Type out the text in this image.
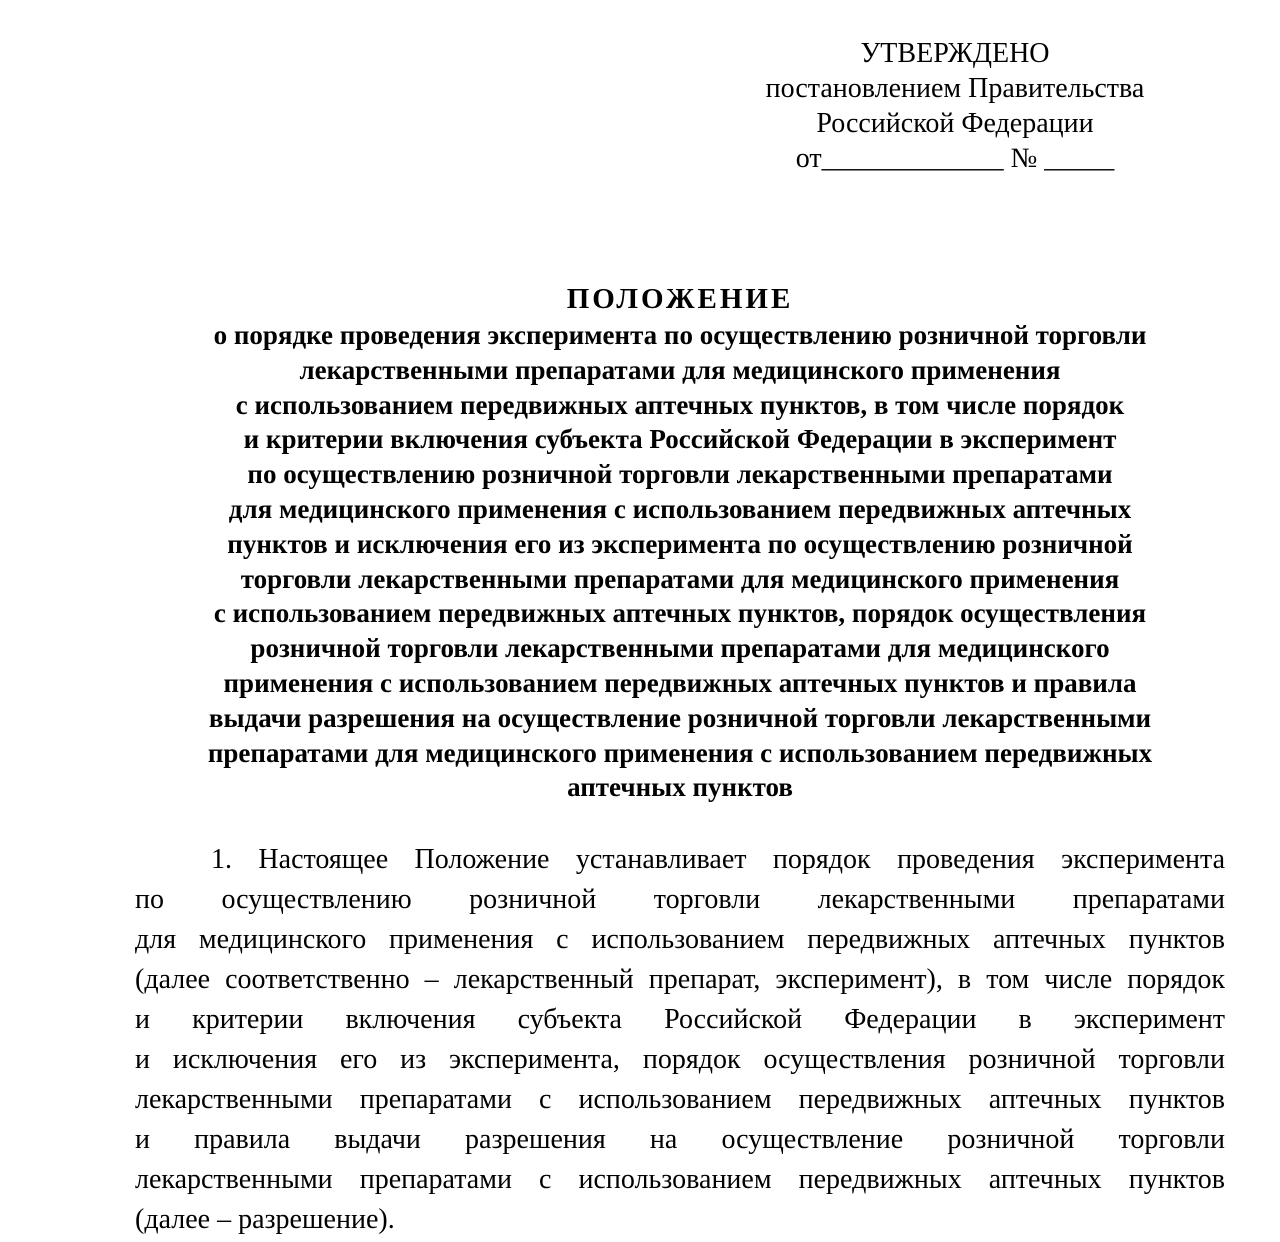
УТВЕРЖДЕНО
постановлением Правительства
Российской Федерации
от_____________ № _____
ПОЛОЖЕНИЕ

о порядке проведения эксперимента по осуществлению розничной торговли
лекарственными препаратами для медицинского применения
с использованием передвижных аптечных пунктов, в том числе порядок
и критерии включения субъекта Российской Федерации в эксперимент
по осуществлению розничной торговли лекарственными препаратами
для медицинского применения с использованием передвижных аптечных
пунктов и исключения его из эксперимента по осуществлению розничной
торговли лекарственными препаратами для медицинского применения
с использованием передвижных аптечных пунктов, порядок осуществления
розничной торговли лекарственными препаратами для медицинского
применения с использованием передвижных аптечных пунктов и правила
выдачи разрешения на осуществление розничной торговли лекарственными
препаратами для медицинского применения с использованием передвижных
аптечных пунктов

1. Настоящее Положение устанавливает порядок проведения эксперимента
по осуществлению розничной торговли лекарственными препаратами
для медицинского применения с использованием передвижных аптечных пунктов
(далее соответственно – лекарственный препарат, эксперимент), в том числе порядок
и критерии включения субъекта Российской Федерации в эксперимент
и исключения его из эксперимента, порядок осуществления розничной торговли
лекарственными препаратами с использованием передвижных аптечных пунктов
и правила выдачи разрешения на осуществление розничной торговли
лекарственными препаратами с использованием передвижных аптечных пунктов
(далее – разрешение).
